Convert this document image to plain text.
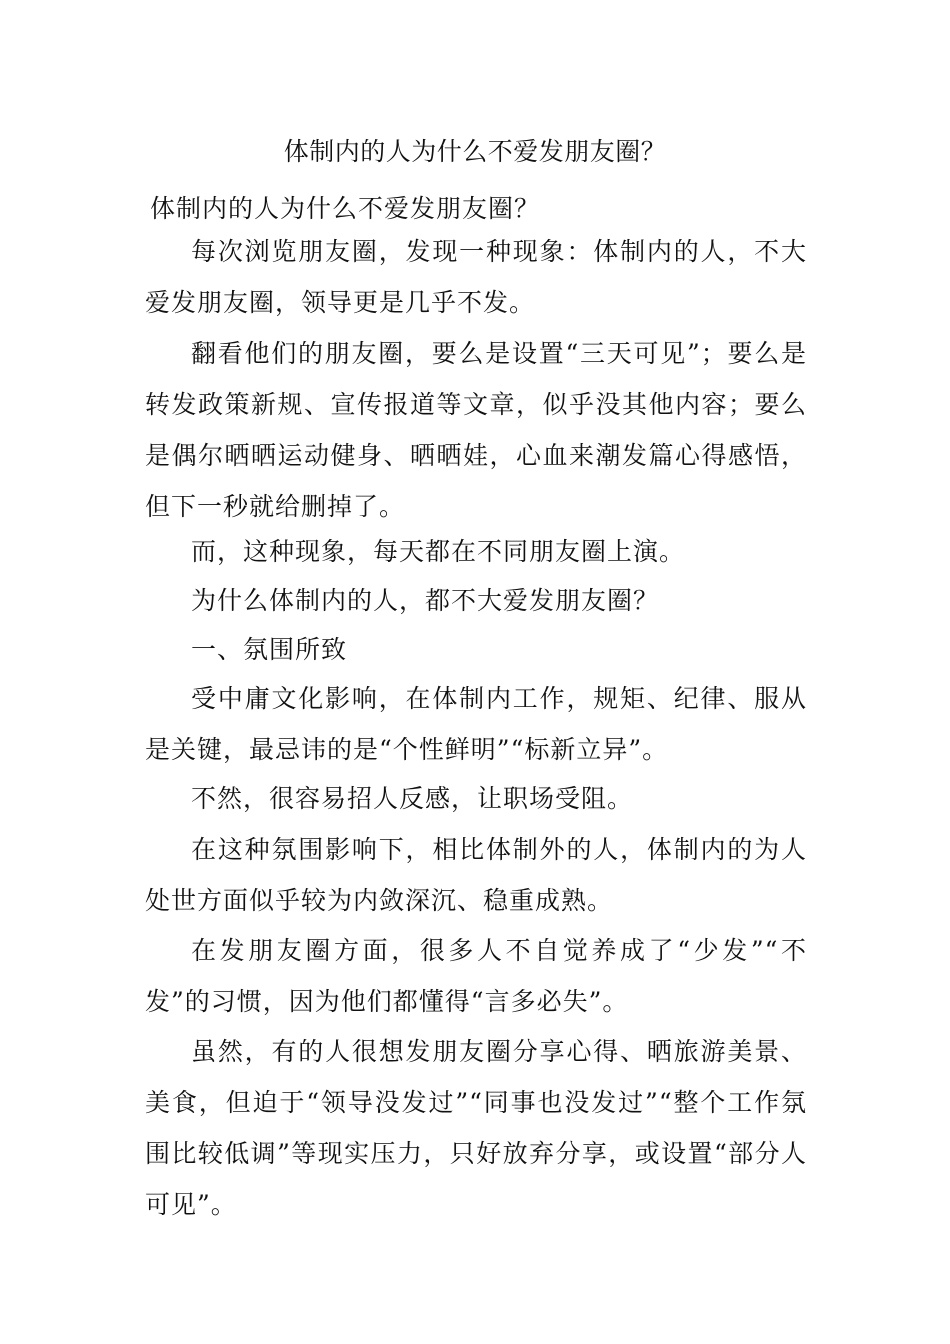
体制内的人为什么不爱发朋友圈？

体制内的人为什么不爱发朋友圈？

每次浏览朋友圈，发现一种现象：体制内的人，不大爱发朋友圈，领导更是几乎不发。

翻看他们的朋友圈，要么是设置“三天可见”；要么是转发政策新规、宣传报道等文章，似乎没其他内容；要么是偶尔晒晒运动健身、晒晒娃，心血来潮发篇心得感悟，但下一秒就给删掉了。

而，这种现象，每天都在不同朋友圈上演。

为什么体制内的人，都不大爱发朋友圈？

一、氛围所致

受中庸文化影响，在体制内工作，规矩、纪律、服从是关键，最忌讳的是“个性鲜明”“标新立异”。

不然，很容易招人反感，让职场受阻。

在这种氛围影响下，相比体制外的人，体制内的为人处世方面似乎较为内敛深沉、稳重成熟。

在发朋友圈方面，很多人不自觉养成了“少发”“不发”的习惯，因为他们都懂得“言多必失”。

虽然，有的人很想发朋友圈分享心得、晒旅游美景、美食，但迫于“领导没发过”“同事也没发过”“整个工作氛围比较低调”等现实压力，只好放弃分享，或设置“部分人可见”。
